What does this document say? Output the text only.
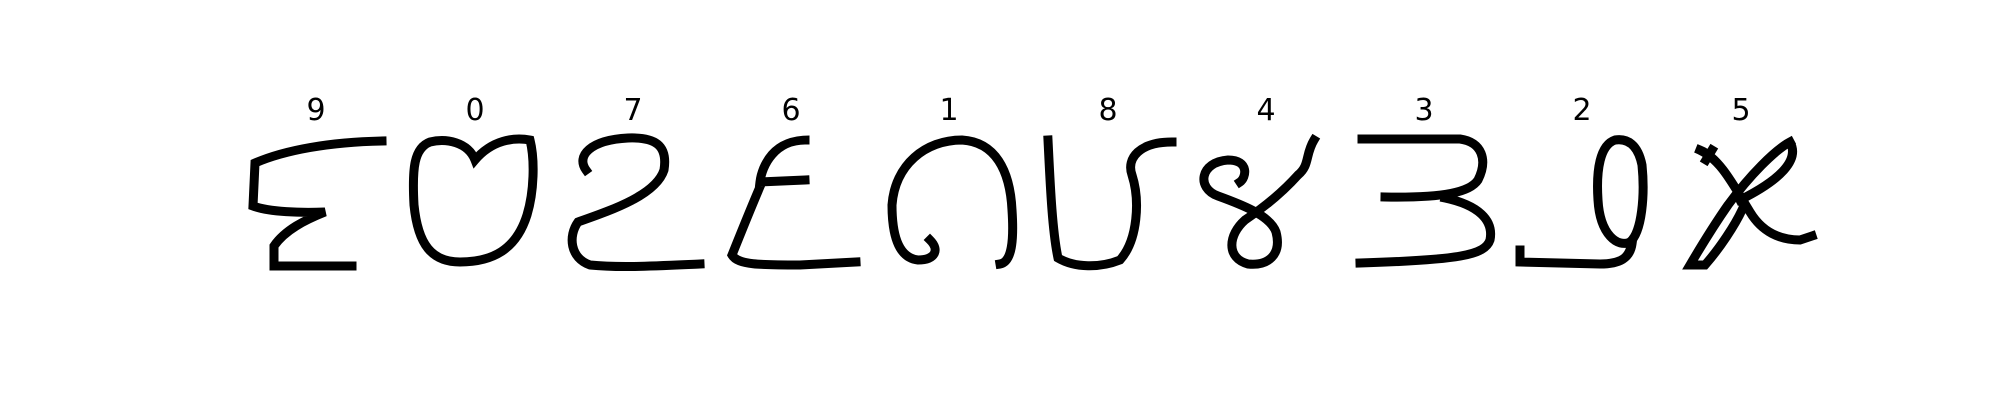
9	0	7	6	1	8	4	3	2	5
